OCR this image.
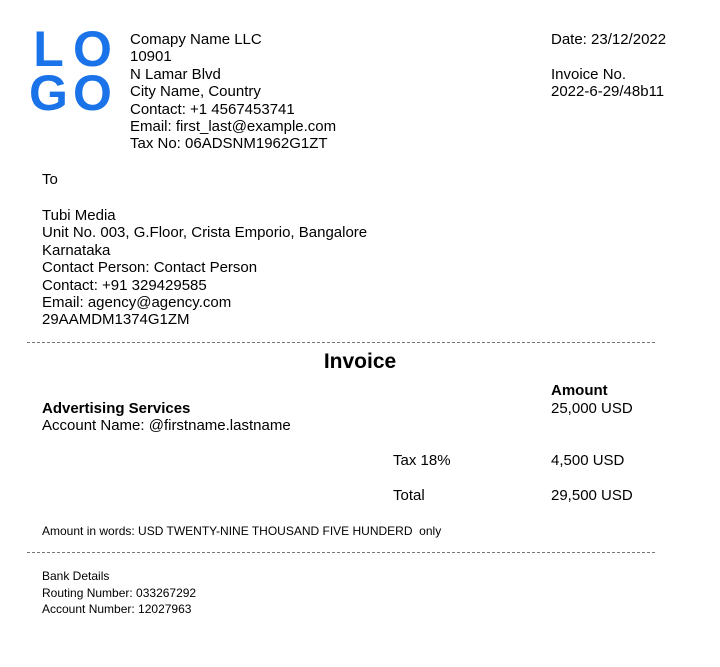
L O
G O
Comapy Name LLC
10901
N Lamar Blvd
City Name, Country
Contact: +1 4567453741
Email: first_last@example.com
Tax No: 06ADSNM1962G1ZT
Date: 23/12/2022
Invoice No.
2022-6-29/48b11
To
Tubi Media
Unit No. 003, G.Floor, Crista Emporio, Bangalore
Karnataka
Contact Person: Contact Person
Contact: +91 329429585
Email: agency@agency.com
29AAMDM1374G1ZM
Invoice
Amount
Advertising Services	25,000 USD
Account Name: @firstname.lastname
Tax 18%	4,500 USD
Total	29,500 USD
Amount in words: USD TWENTY-NINE THOUSAND FIVE HUNDERD  only
Bank Details
Routing Number: 033267292
Account Number: 12027963
